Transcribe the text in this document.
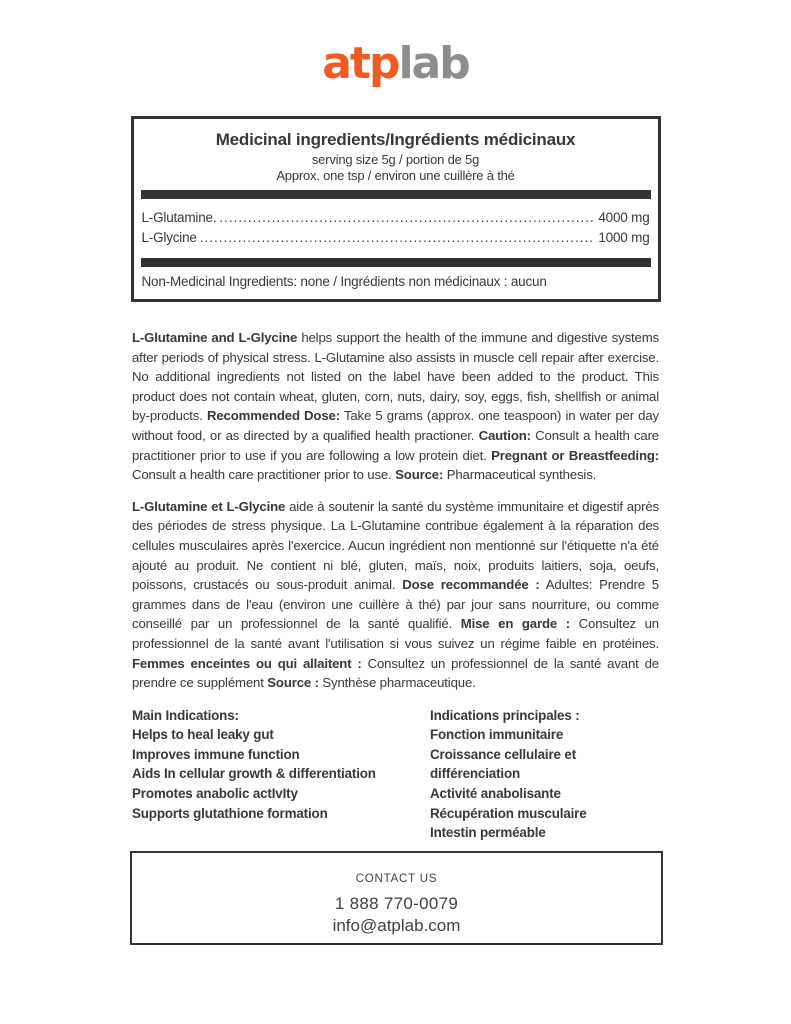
atplab
Medicinal ingredients/Ingrédients médicinaux
serving size 5g / portion de 5g
Approx. one tsp / environ une cuillère à thé
L-Glutamine. .....	4000 mg
L-Glycine .....	1000 mg
Non-Medicinal Ingredients: none / Ingrédients non médicinaux : aucun

L-Glutamine and L-Glycine helps support the health of the immune and digestive systems after periods of physical stress. L-Glutamine also assists in muscle cell repair after exercise. No additional ingredients not listed on the label have been added to the product. This product does not contain wheat, gluten, corn, nuts, dairy, soy, eggs, fish, shellfish or animal by-products. Recommended Dose: Take 5 grams (approx. one teaspoon) in water per day without food, or as directed by a qualified health practioner. Caution: Consult a health care practitioner prior to use if you are following a low protein diet. Pregnant or Breastfeeding: Consult a health care practitioner prior to use. Source: Pharmaceutical synthesis.

L-Glutamine et L-Glycine aide à soutenir la santé du système immunitaire et digestif après des périodes de stress physique. La L-Glutamine contribue également à la réparation des cellules musculaires après l'exercice. Aucun ingrédient non mentionné sur l'étiquette n'a été ajouté au produit. Ne contient ni blé, gluten, maïs, noix, produits laitiers, soja, oeufs, poissons, crustacés ou sous-produit animal. Dose recommandée : Adultes: Prendre 5 grammes dans de l'eau (environ une cuillère à thé) par jour sans nourriture, ou comme conseillé par un professionnel de la santé qualifié. Mise en garde : Consultez un professionnel de la santé avant l'utilisation si vous suivez un régime faible en protéines. Femmes enceintes ou qui allaitent : Consultez un professionnel de la santé avant de prendre ce supplément Source : Synthèse pharmaceutique.

Main Indications:
Helps to heal leaky gut
Improves immune function
Aids In cellular growth & differentiation
Promotes anabolic actIvIty
Supports glutathione formation
Indications principales :
Fonction immunitaire
Croissance cellulaire et différenciation
Activité anabolisante
Récupération musculaire
Intestin perméable
CONTACT US
1 888 770-0079
info@atplab.com
